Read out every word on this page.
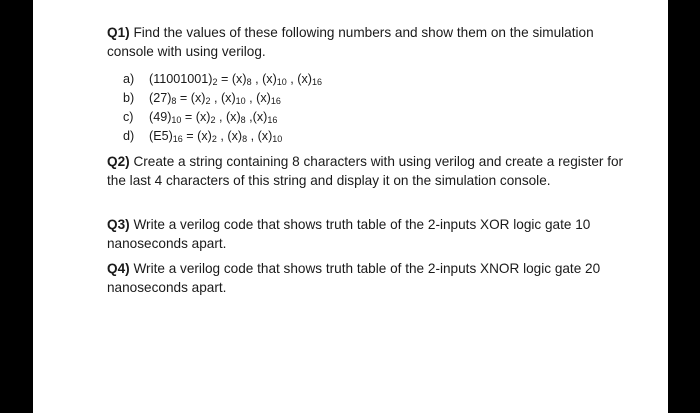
Q1) Find the values of these following numbers and show them on the simulation console with using verilog.
a) $(11001001)_2 = (x)_8$ , $(x)_{10}$ , $(x)_{16}$
b) $(27)_8 = (x)_2$ , $(x)_{10}$ , $(x)_{16}$
c) $(49)_{10} = (x)_2$ , $(x)_8$ $,(x)_{16}$
d) $(E5)_{16} = (x)_2$ , $(x)_8$ , $(x)_{10}$
Q2) Create a string containing 8 characters with using verilog and create a register for the last 4 characters of this string and display it on the simulation console.
Q3) Write a verilog code that shows truth table of the 2-inputs XOR logic gate 10 nanoseconds apart.
Q4) Write a verilog code that shows truth table of the 2-inputs XNOR logic gate 20 nanoseconds apart.
